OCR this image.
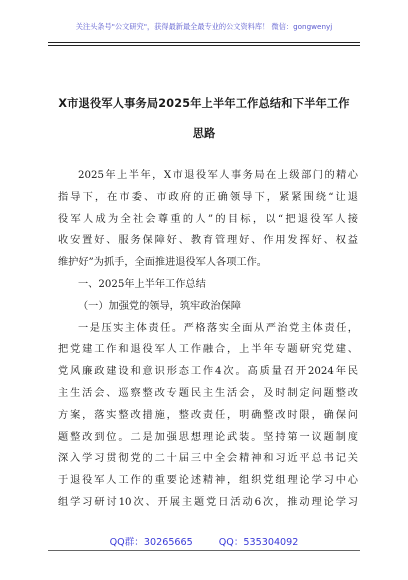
关注头条号"公文研究"，获得最新最全最专业的公文资料库！ 微信：gongwenyj
X市退役军人事务局2025年上半年工作总结和下半年工作
思路
2025年上半年，X市退役军人事务局在上级部门的精心
指导下，在市委、市政府的正确领导下，紧紧围绕“让退
役军人成为全社会尊重的人”的目标，以“把退役军人接
收安置好、服务保障好、教育管理好、作用发挥好、权益
维护好”为抓手，全面推进退役军人各项工作。
一、2025年上半年工作总结
（一）加强党的领导，筑牢政治保障
一是压实主体责任。严格落实全面从严治党主体责任，
把党建工作和退役军人工作融合，上半年专题研究党建、
党风廉政建设和意识形态工作4次。高质量召开2024年民
主生活会、巡察整改专题民主生活会，及时制定问题整改
方案，落实整改措施，整改责任，明确整改时限，确保问
题整改到位。二是加强思想理论武装。坚持第一议题制度
深入学习贯彻党的二十届三中全会精神和习近平总书记关
于退役军人工作的重要论述精神，组织党组理论学习中心
组学习研讨10次、开展主题党日活动6次，推动理论学习
QQ群：30265665	QQ：535304092
